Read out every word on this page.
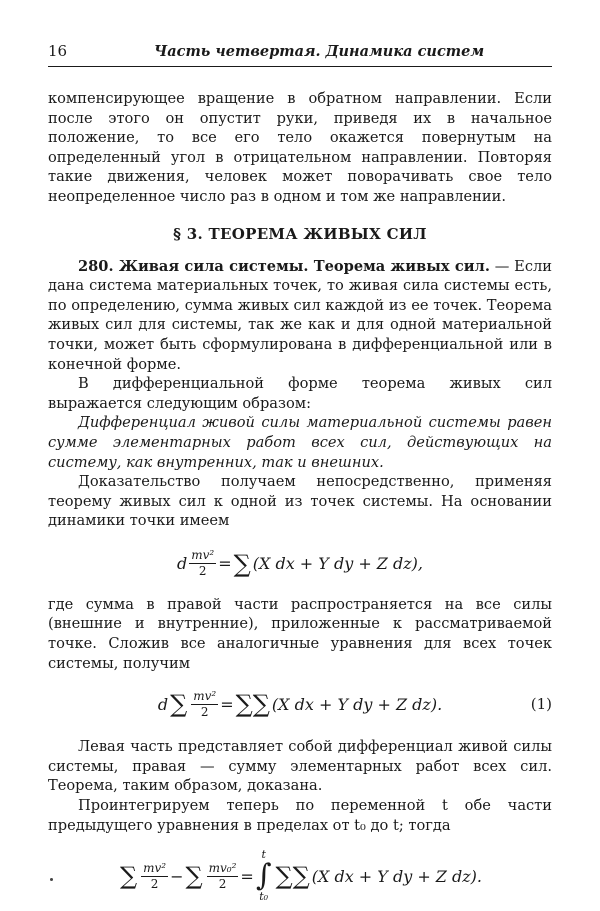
16	Часть четвертая. Динамика систем

компенсирующее вращение в обратном направлении. Если после этого он опустит руки, приведя их в начальное положение, то все его тело окажется повернутым на определенный угол в отрицательном направлении. Повторяя такие движения, человек может поворачивать свое тело неопределенное число раз в одном и том же направлении.

§ 3. ТЕОРЕМА ЖИВЫХ СИЛ

280. Живая сила системы. Теорема живых сил. — Если дана система материальных точек, то живая сила системы есть, по определению, сумма живых сил каждой из ее точек. Теорема живых сил для системы, так же как и для одной материальной точки, может быть сформулирована в дифференциальной или в конечной форме.

В дифференциальной форме теорема живых сил выражается следующим образом:

Дифференциал живой силы материальной системы равен сумме элементарных работ всех сил, действующих на систему, как внутренних, так и внешних.

Доказательство получаем непосредственно, применяя теорему живых сил к одной из точек системы. На основании динамики точки имеем

d $\frac{\text{mv²}}{2}$ = ∑ (X dx + Y dy + Z dz),

где сумма в правой части распространяется на все силы (внешние и внутренние), приложенные к рассматриваемой точке. Сложив все аналогичные уравнения для всех точек системы, получим

d ∑ $\frac{\text{mv²}}{2}$ = ∑∑ (X dx + Y dy + Z dz).	(1)

Левая часть представляет собой дифференциал живой силы системы, правая — сумму элементарных работ всех сил. Теорема, таким образом, доказана.

Проинтегрируем теперь по переменной t обе части предыдущего уравнения в пределах от t₀ до t; тогда

∑ $\frac{\text{mv²}}{2}$ − ∑ $\frac{\text{mv₀²}}{2}$ =
t
∫
t₀
∑∑ (X dx + Y dy + Z dz).
